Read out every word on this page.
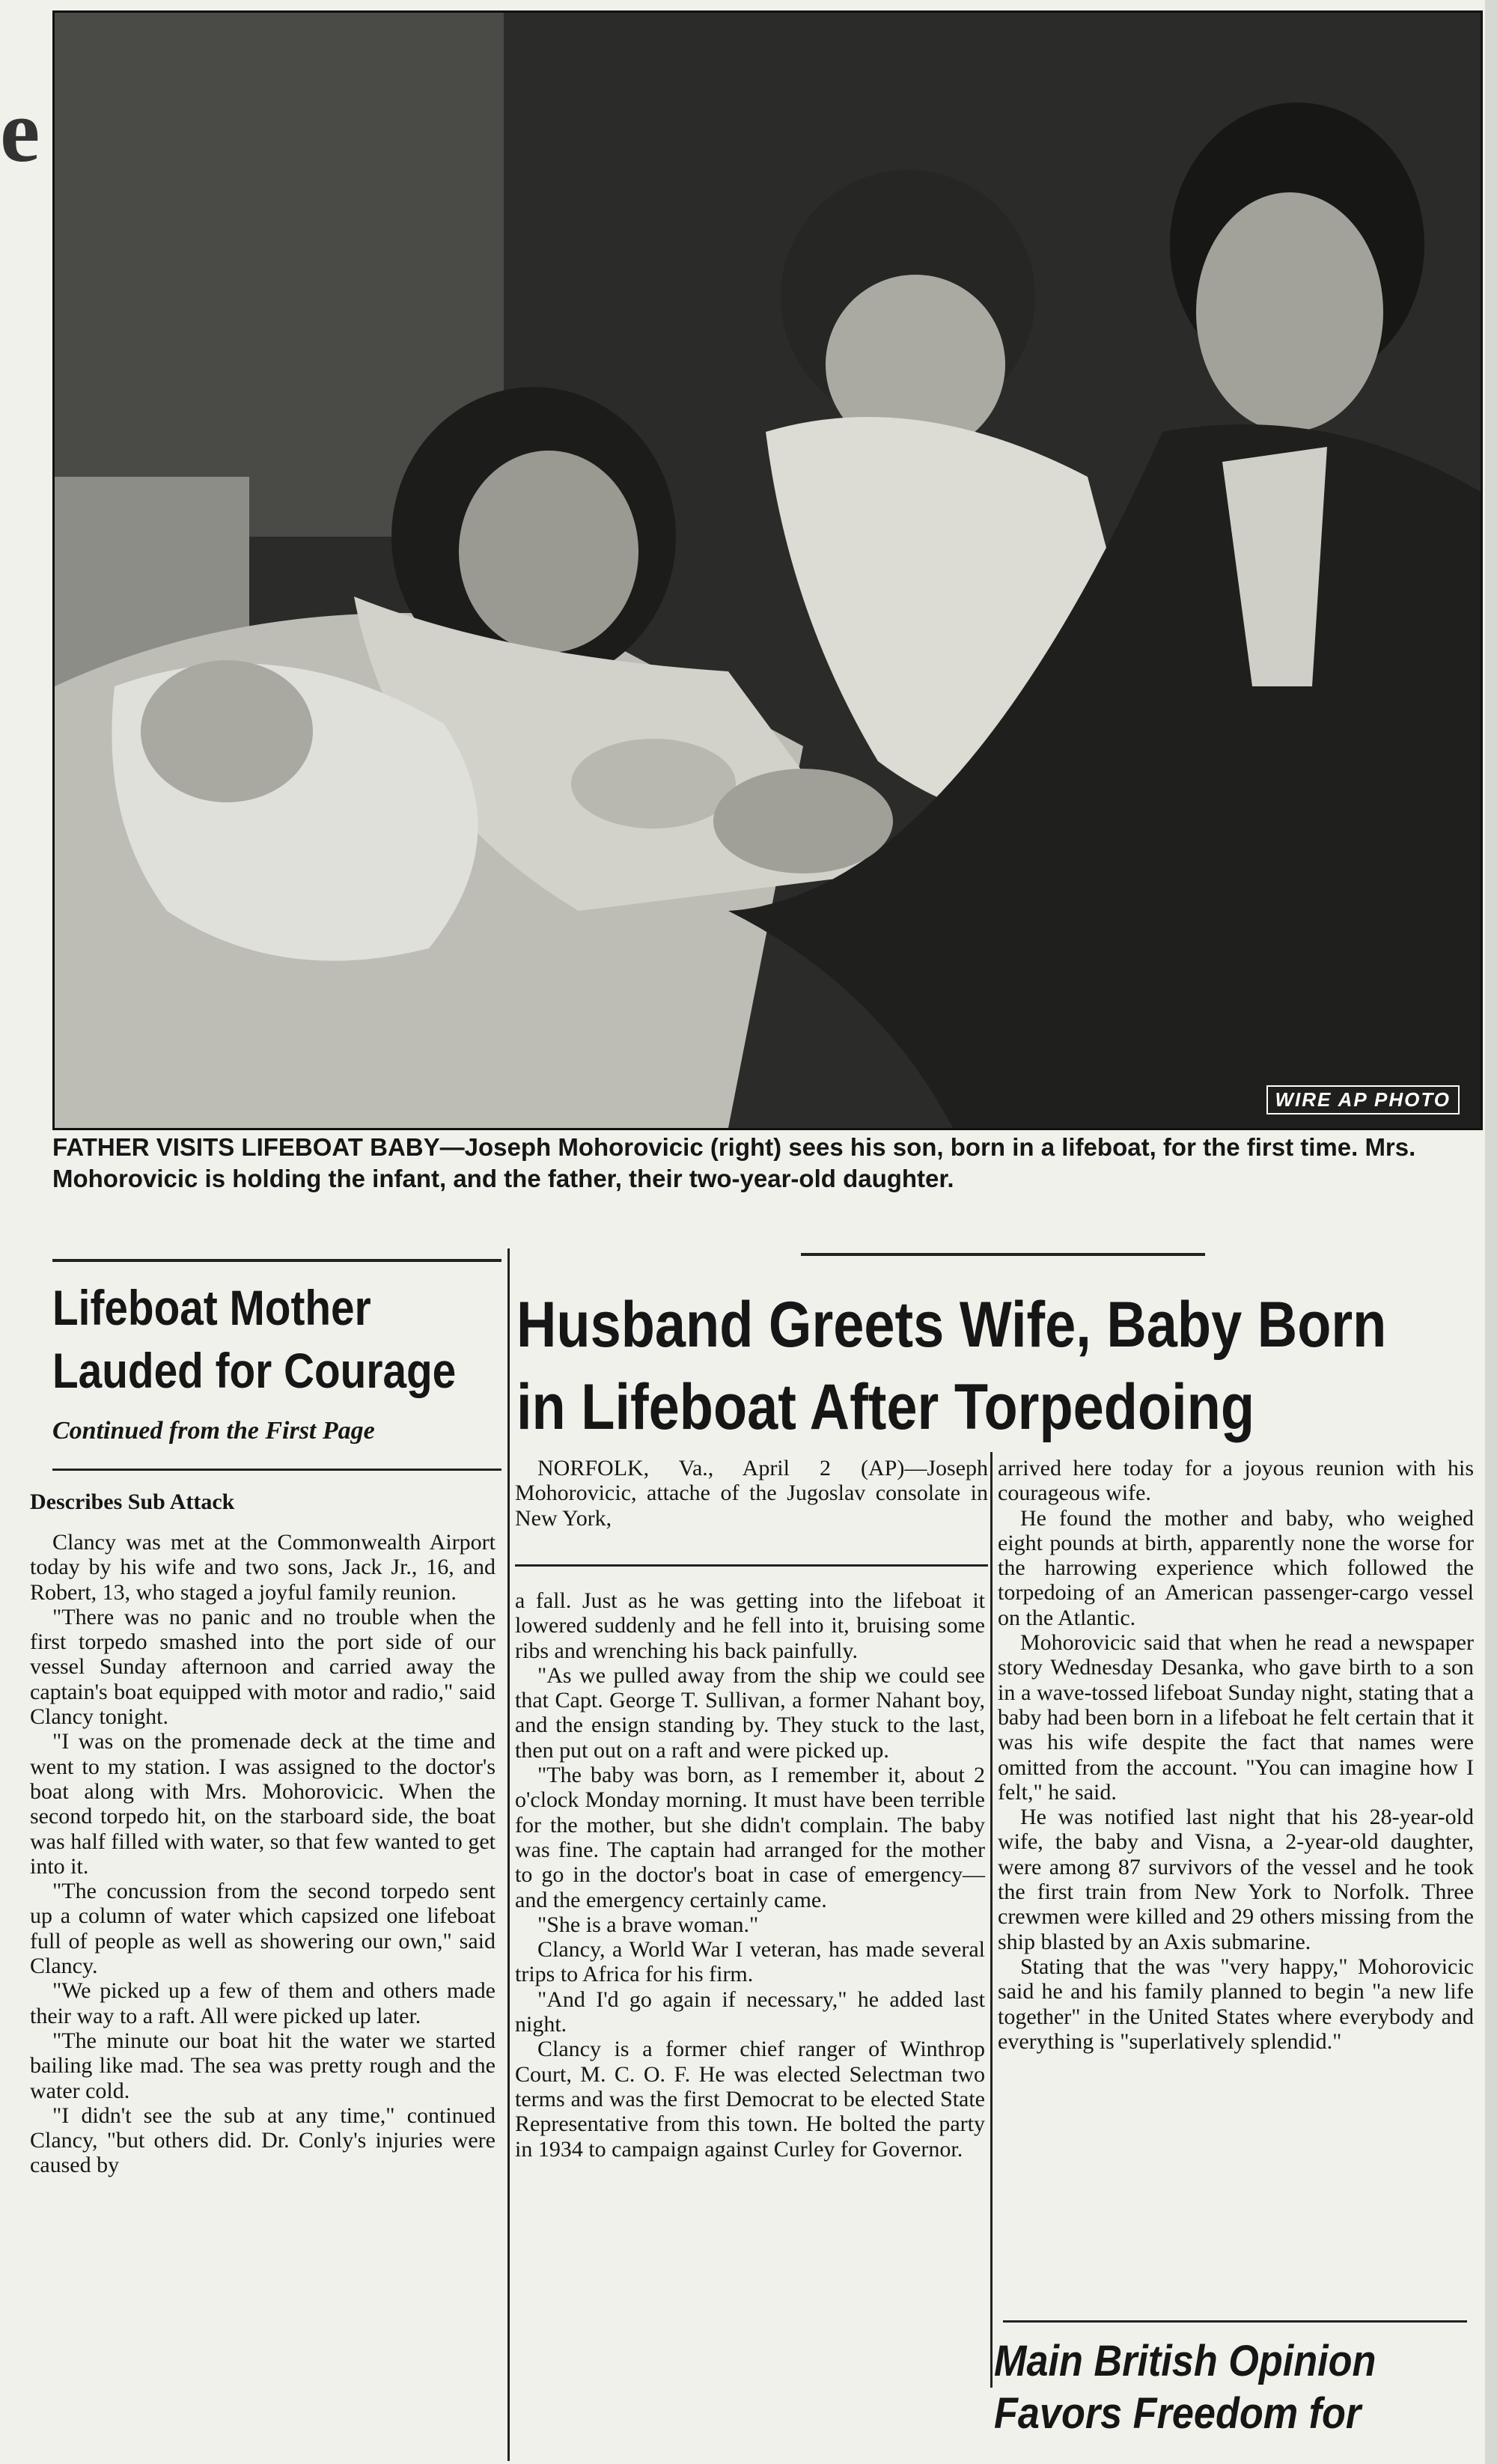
e
WIRE AP PHOTO
FATHER VISITS LIFEBOAT BABY—Joseph Mohorovicic (right) sees his son, born in a lifeboat, for the first time. Mrs. Mohorovicic is holding the infant, and the father, their two-year-old daughter.
Lifeboat Mother
Lauded for Courage
Continued from the First Page
Describes Sub Attack

Clancy was met at the Commonwealth Airport today by his wife and two sons, Jack Jr., 16, and Robert, 13, who staged a joyful family reunion.

"There was no panic and no trouble when the first torpedo smashed into the port side of our vessel Sunday afternoon and carried away the captain's boat equipped with motor and radio," said Clancy tonight.

"I was on the promenade deck at the time and went to my station. I was assigned to the doctor's boat along with Mrs. Mohorovicic. When the second torpedo hit, on the starboard side, the boat was half filled with water, so that few wanted to get into it.

"The concussion from the second torpedo sent up a column of water which capsized one lifeboat full of people as well as showering our own," said Clancy.

"We picked up a few of them and others made their way to a raft. All were picked up later.

"The minute our boat hit the water we started bailing like mad. The sea was pretty rough and the water cold.

"I didn't see the sub at any time," continued Clancy, "but others did. Dr. Conly's injuries were caused by

Husband Greets Wife, Baby Born
in Lifeboat After Torpedoing

NORFOLK, Va., April 2 (AP)—Joseph Mohorovicic, attache of the Jugoslav consolate in New York,

a fall. Just as he was getting into the lifeboat it lowered suddenly and he fell into it, bruising some ribs and wrenching his back painfully.

"As we pulled away from the ship we could see that Capt. George T. Sullivan, a former Nahant boy, and the ensign standing by. They stuck to the last, then put out on a raft and were picked up.

"The baby was born, as I remember it, about 2 o'clock Monday morning. It must have been terrible for the mother, but she didn't complain. The baby was fine. The captain had arranged for the mother to go in the doctor's boat in case of emergency—and the emergency certainly came.

"She is a brave woman."

Clancy, a World War I veteran, has made several trips to Africa for his firm.

"And I'd go again if necessary," he added last night.

Clancy is a former chief ranger of Winthrop Court, M. C. O. F. He was elected Selectman two terms and was the first Democrat to be elected State Representative from this town. He bolted the party in 1934 to campaign against Curley for Governor.

arrived here today for a joyous reunion with his courageous wife.

He found the mother and baby, who weighed eight pounds at birth, apparently none the worse for the harrowing experience which followed the torpedoing of an American passenger-cargo vessel on the Atlantic.

Mohorovicic said that when he read a newspaper story Wednesday Desanka, who gave birth to a son in a wave-tossed lifeboat Sunday night, stating that a baby had been born in a lifeboat he felt certain that it was his wife despite the fact that names were omitted from the account. "You can imagine how I felt," he said.

He was notified last night that his 28-year-old wife, the baby and Visna, a 2-year-old daughter, were among 87 survivors of the vessel and he took the first train from New York to Norfolk. Three crewmen were killed and 29 others missing from the ship blasted by an Axis submarine.

Stating that the was "very happy," Mohorovicic said he and his family planned to begin "a new life together" in the United States where everybody and everything is "superlatively splendid."

Main British Opinion
Favors Freedom for
